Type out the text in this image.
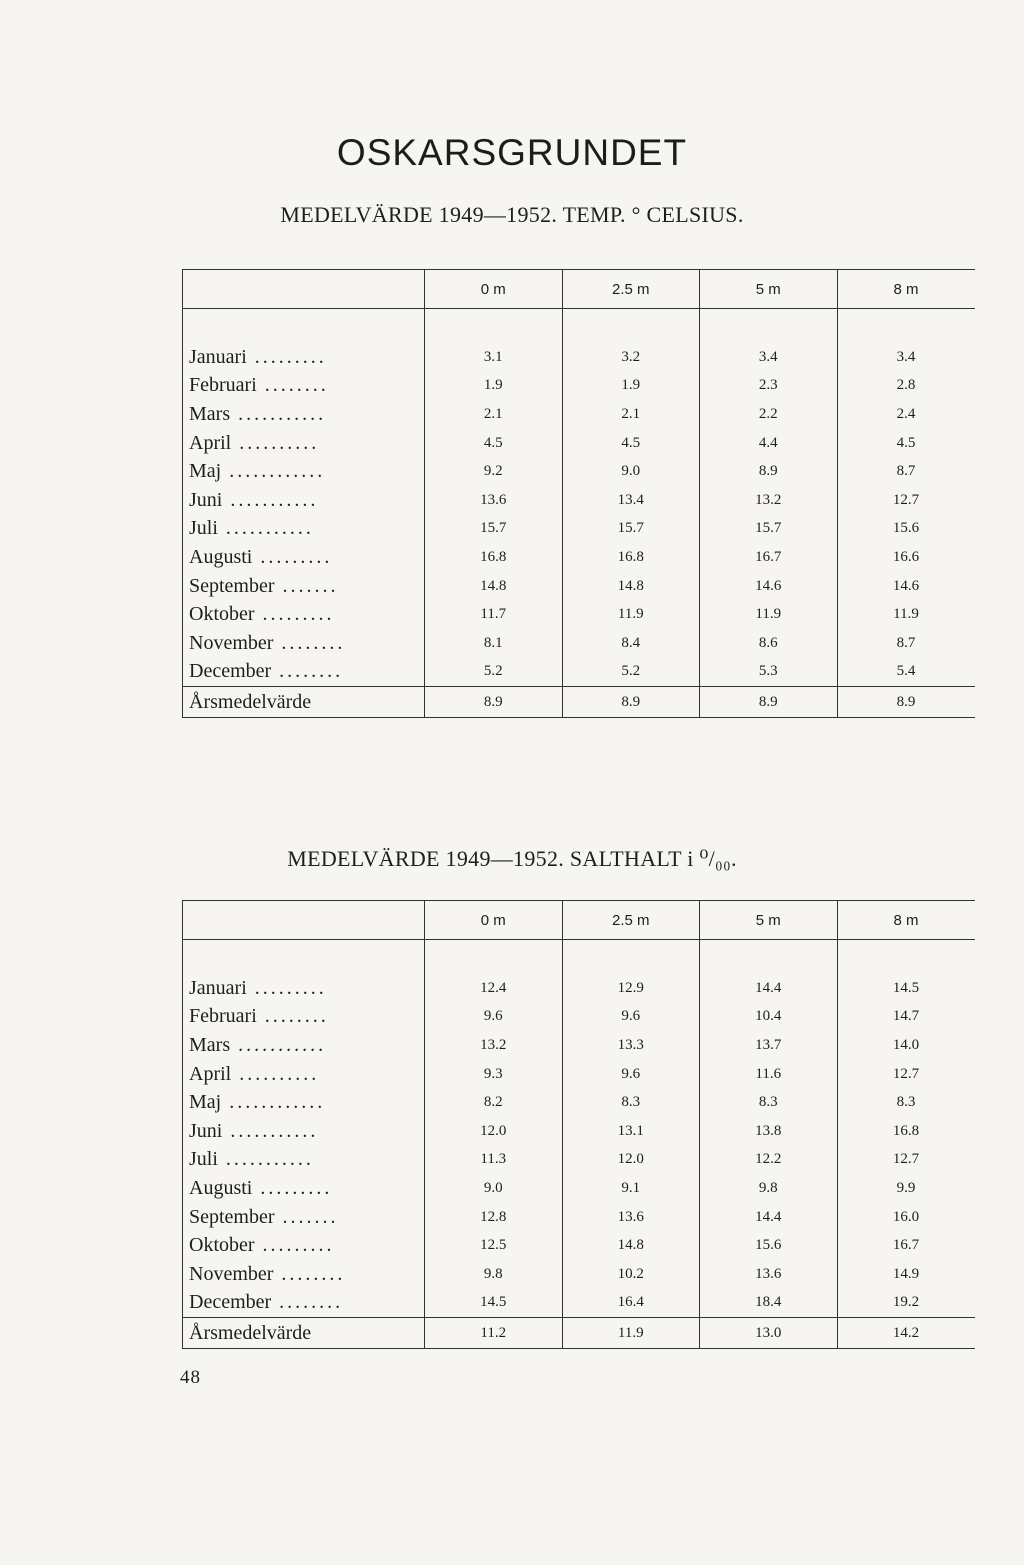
OSKARSGRUNDET
MEDELVÄRDE 1949—1952. TEMP. ° CELSIUS.
	0 m	2.5 m	5 m	8 m

Januari .........	3.1	3.2	3.4	3.4
Februari ........	1.9	1.9	2.3	2.8
Mars ...........	2.1	2.1	2.2	2.4
April ..........	4.5	4.5	4.4	4.5
Maj ............	9.2	9.0	8.9	8.7
Juni ...........	13.6	13.4	13.2	12.7
Juli ...........	15.7	15.7	15.7	15.6
Augusti .........	16.8	16.8	16.7	16.6
September .......	14.8	14.8	14.6	14.6
Oktober .........	11.7	11.9	11.9	11.9
November ........	8.1	8.4	8.6	8.7
December ........	5.2	5.2	5.3	5.4
Årsmedelvärde	8.9	8.9	8.9	8.9
MEDELVÄRDE 1949—1952. SALTHALT i ⁰/₀₀.
	0 m	2.5 m	5 m	8 m

Januari .........	12.4	12.9	14.4	14.5
Februari ........	9.6	9.6	10.4	14.7
Mars ...........	13.2	13.3	13.7	14.0
April ..........	9.3	9.6	11.6	12.7
Maj ............	8.2	8.3	8.3	8.3
Juni ...........	12.0	13.1	13.8	16.8
Juli ...........	11.3	12.0	12.2	12.7
Augusti .........	9.0	9.1	9.8	9.9
September .......	12.8	13.6	14.4	16.0
Oktober .........	12.5	14.8	15.6	16.7
November ........	9.8	10.2	13.6	14.9
December ........	14.5	16.4	18.4	19.2
Årsmedelvärde	11.2	11.9	13.0	14.2
48
